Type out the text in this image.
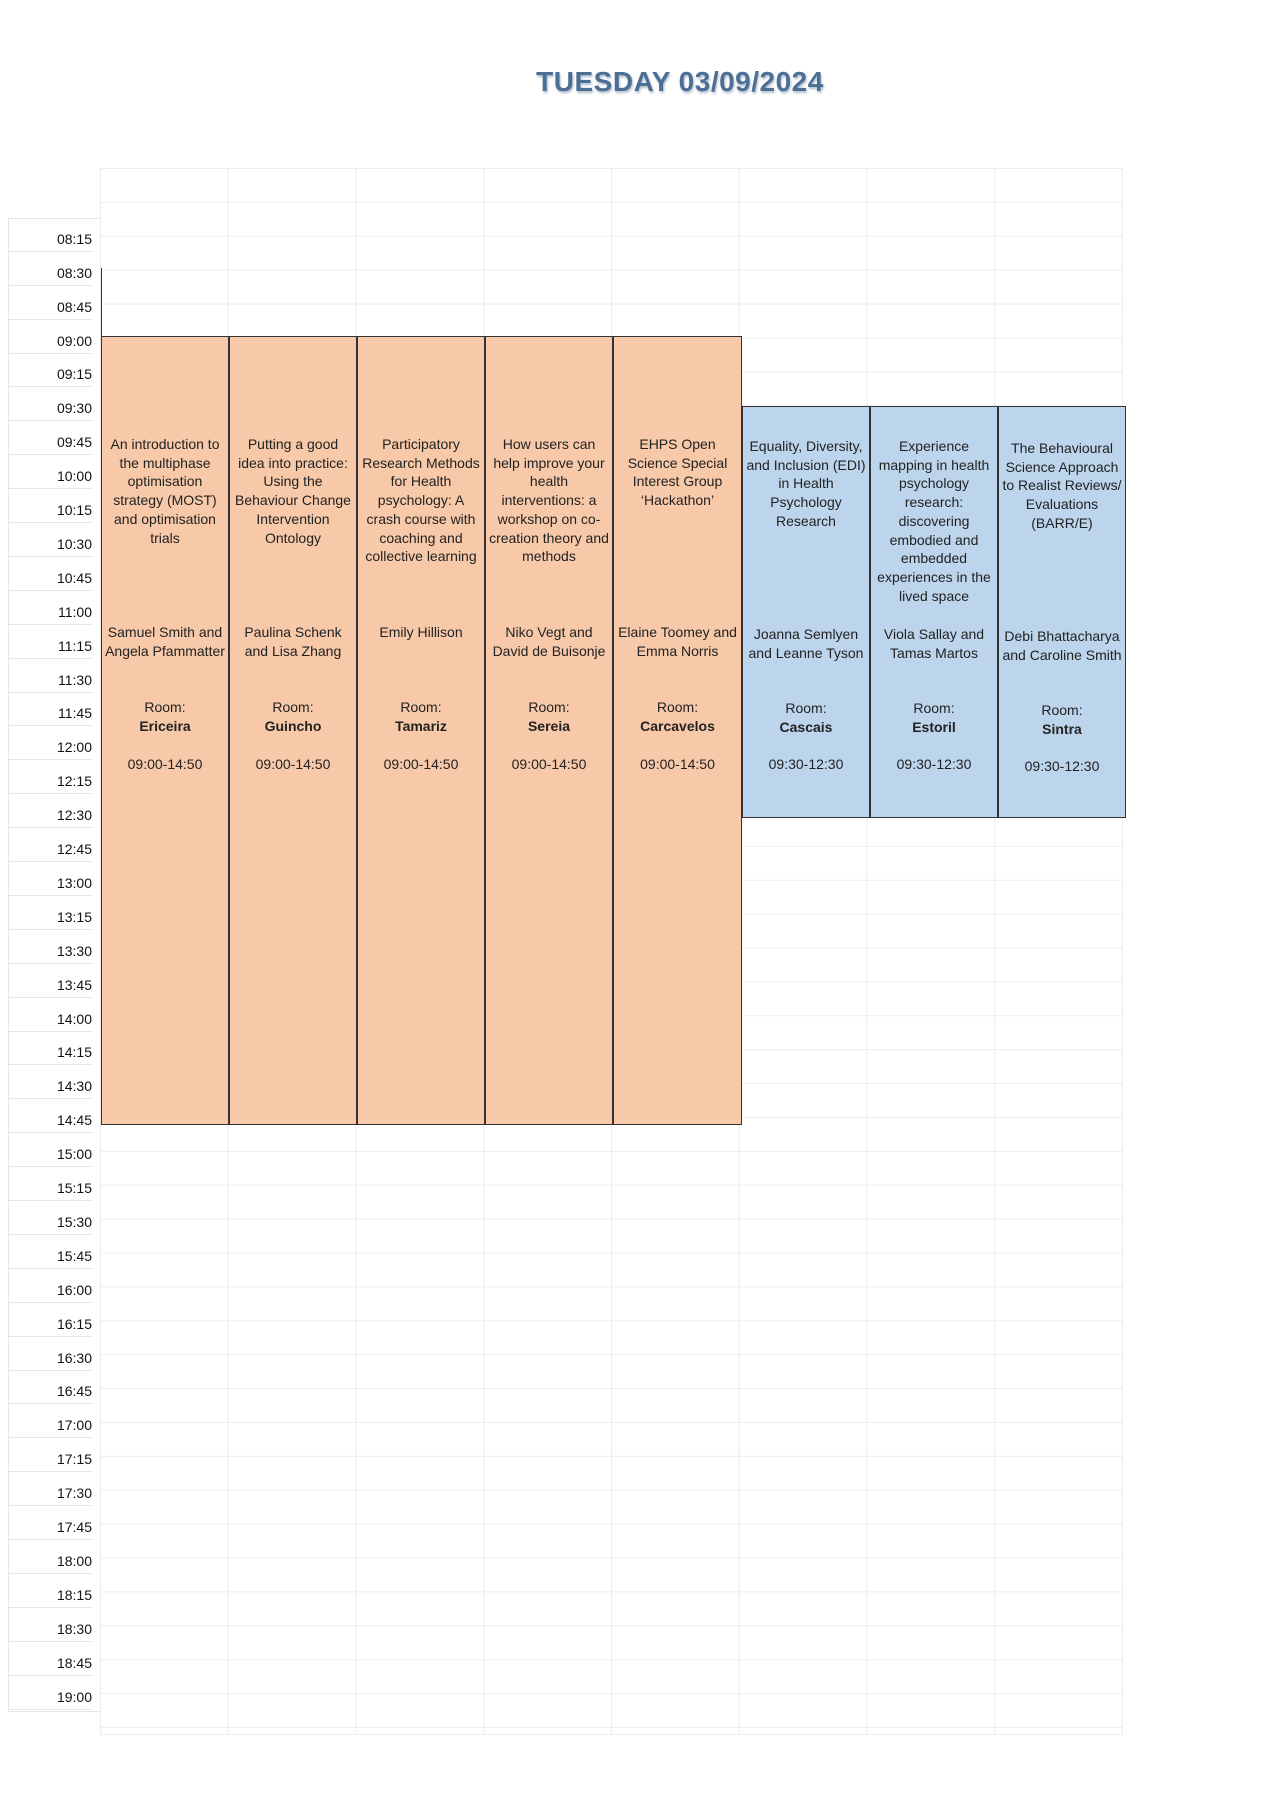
TUESDAY 03/09/2024
08:15
08:30
08:45
09:00
09:15
09:30
09:45
10:00
10:15
10:30
10:45
11:00
11:15
11:30
11:45
12:00
12:15
12:30
12:45
13:00
13:15
13:30
13:45
14:00
14:15
14:30
14:45
15:00
15:15
15:30
15:45
16:00
16:15
16:30
16:45
17:00
17:15
17:30
17:45
18:00
18:15
18:30
18:45
19:00
An introduction to the multiphase optimisation strategy (MOST) and optimisation trials
Samuel Smith and Angela Pfammatter
Room:
Ericeira
09:00-14:50
Putting a good idea into practice: Using the Behaviour Change Intervention Ontology
Paulina Schenk and Lisa Zhang
Room:
Guincho
09:00-14:50
Participatory Research Methods for Health psychology: A crash course with coaching and collective learning
Emily Hillison
Room:
Tamariz
09:00-14:50
How users can help improve your health interventions: a workshop on co-creation theory and methods
Niko Vegt and David de Buisonje
Room:
Sereia
09:00-14:50
EHPS Open Science Special Interest Group ‘Hackathon’
Elaine Toomey and Emma Norris
Room:
Carcavelos
09:00-14:50
Equality, Diversity, and Inclusion (EDI) in Health Psychology Research
Joanna Semlyen and Leanne Tyson
Room:
Cascais
09:30-12:30
Experience mapping in health psychology research: discovering embodied and embedded experiences in the lived space
Viola Sallay and Tamas Martos
Room:
Estoril
09:30-12:30
The Behavioural Science Approach to Realist Reviews/ Evaluations (BARR/E)
Debi Bhattacharya and Caroline Smith
Room:
Sintra
09:30-12:30
